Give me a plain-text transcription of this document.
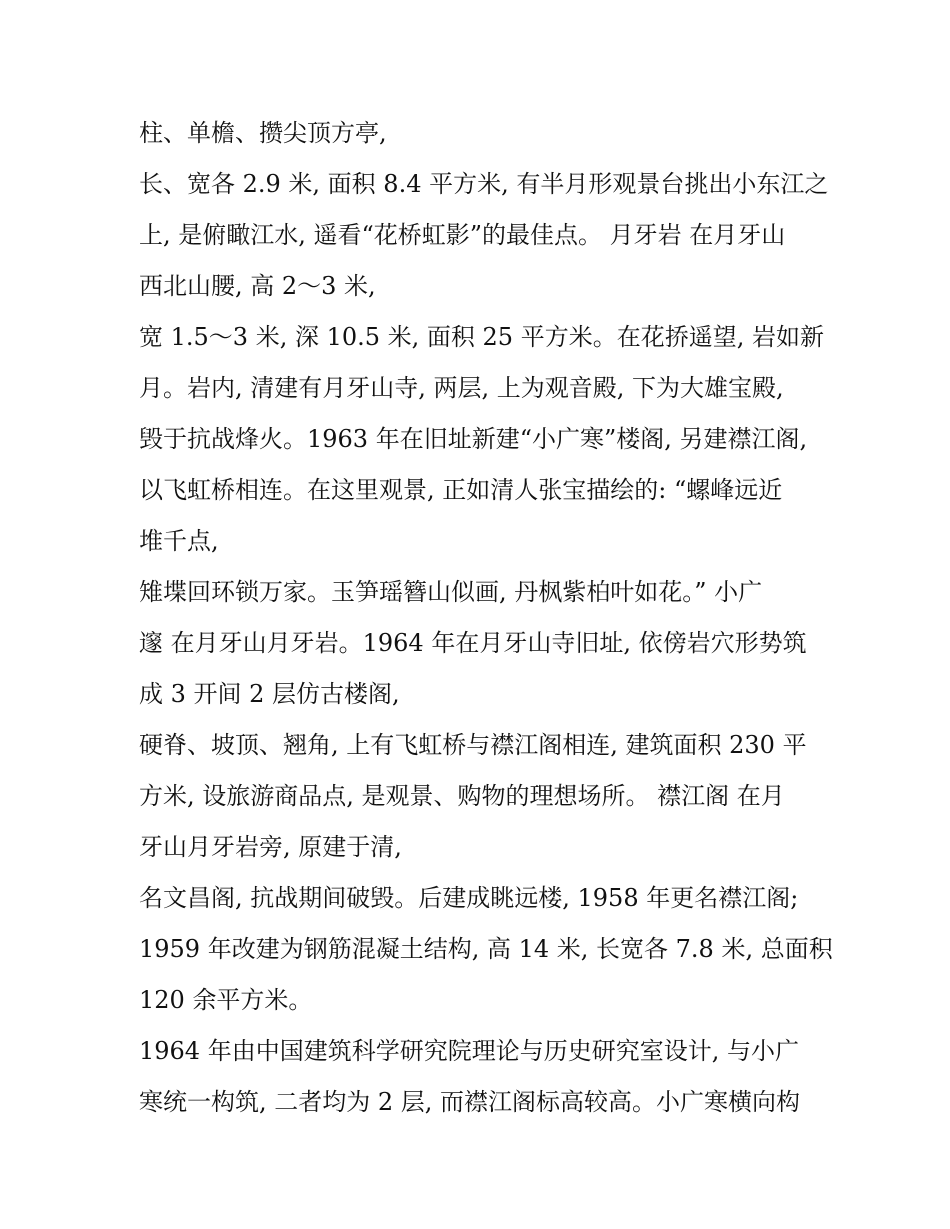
柱、单檐、攒尖顶方亭,
长、宽各 2.9 米, 面积 8.4 平方米, 有半月形观景台挑出小东江之
上, 是俯瞰江水, 遥看“花桥虹影”的最佳点。 月牙岩 在月牙山
西北山腰, 高 2～3 米,
宽 1.5～3 米, 深 10.5 米, 面积 25 平方米。在花挢遥望, 岩如新
月。岩内, 清建有月牙山寺, 两层, 上为观音殿, 下为大雄宝殿,
毁于抗战烽火。1963 年在旧址新建“小广寒”楼阁, 另建襟江阁,
以飞虹桥相连。在这里观景, 正如清人张宝描绘的: “螺峰远近
堆千点,
雉堞回环锁万家。玉笋瑶簪山似画, 丹枫紫柏叶如花。” 小广
邃 在月牙山月牙岩。1964 年在月牙山寺旧址, 依傍岩穴形势筑
成 3 开间 2 层仿古楼阁,
硬脊、坡顶、翘角, 上有飞虹桥与襟江阁相连, 建筑面积 230 平
方米, 设旅游商品点, 是观景、购物的理想场所。 襟江阁 在月
牙山月牙岩旁, 原建于清,
名文昌阁, 抗战期间破毁。后建成眺远楼, 1958 年更名襟江阁;
1959 年改建为钢筋混凝土结构, 高 14 米, 长宽各 7.8 米, 总面积
120 余平方米。
1964 年由中国建筑科学研究院理论与历史研究室设计, 与小广
寒统一构筑, 二者均为 2 层, 而襟江阁标高较高。小广寒横向构
